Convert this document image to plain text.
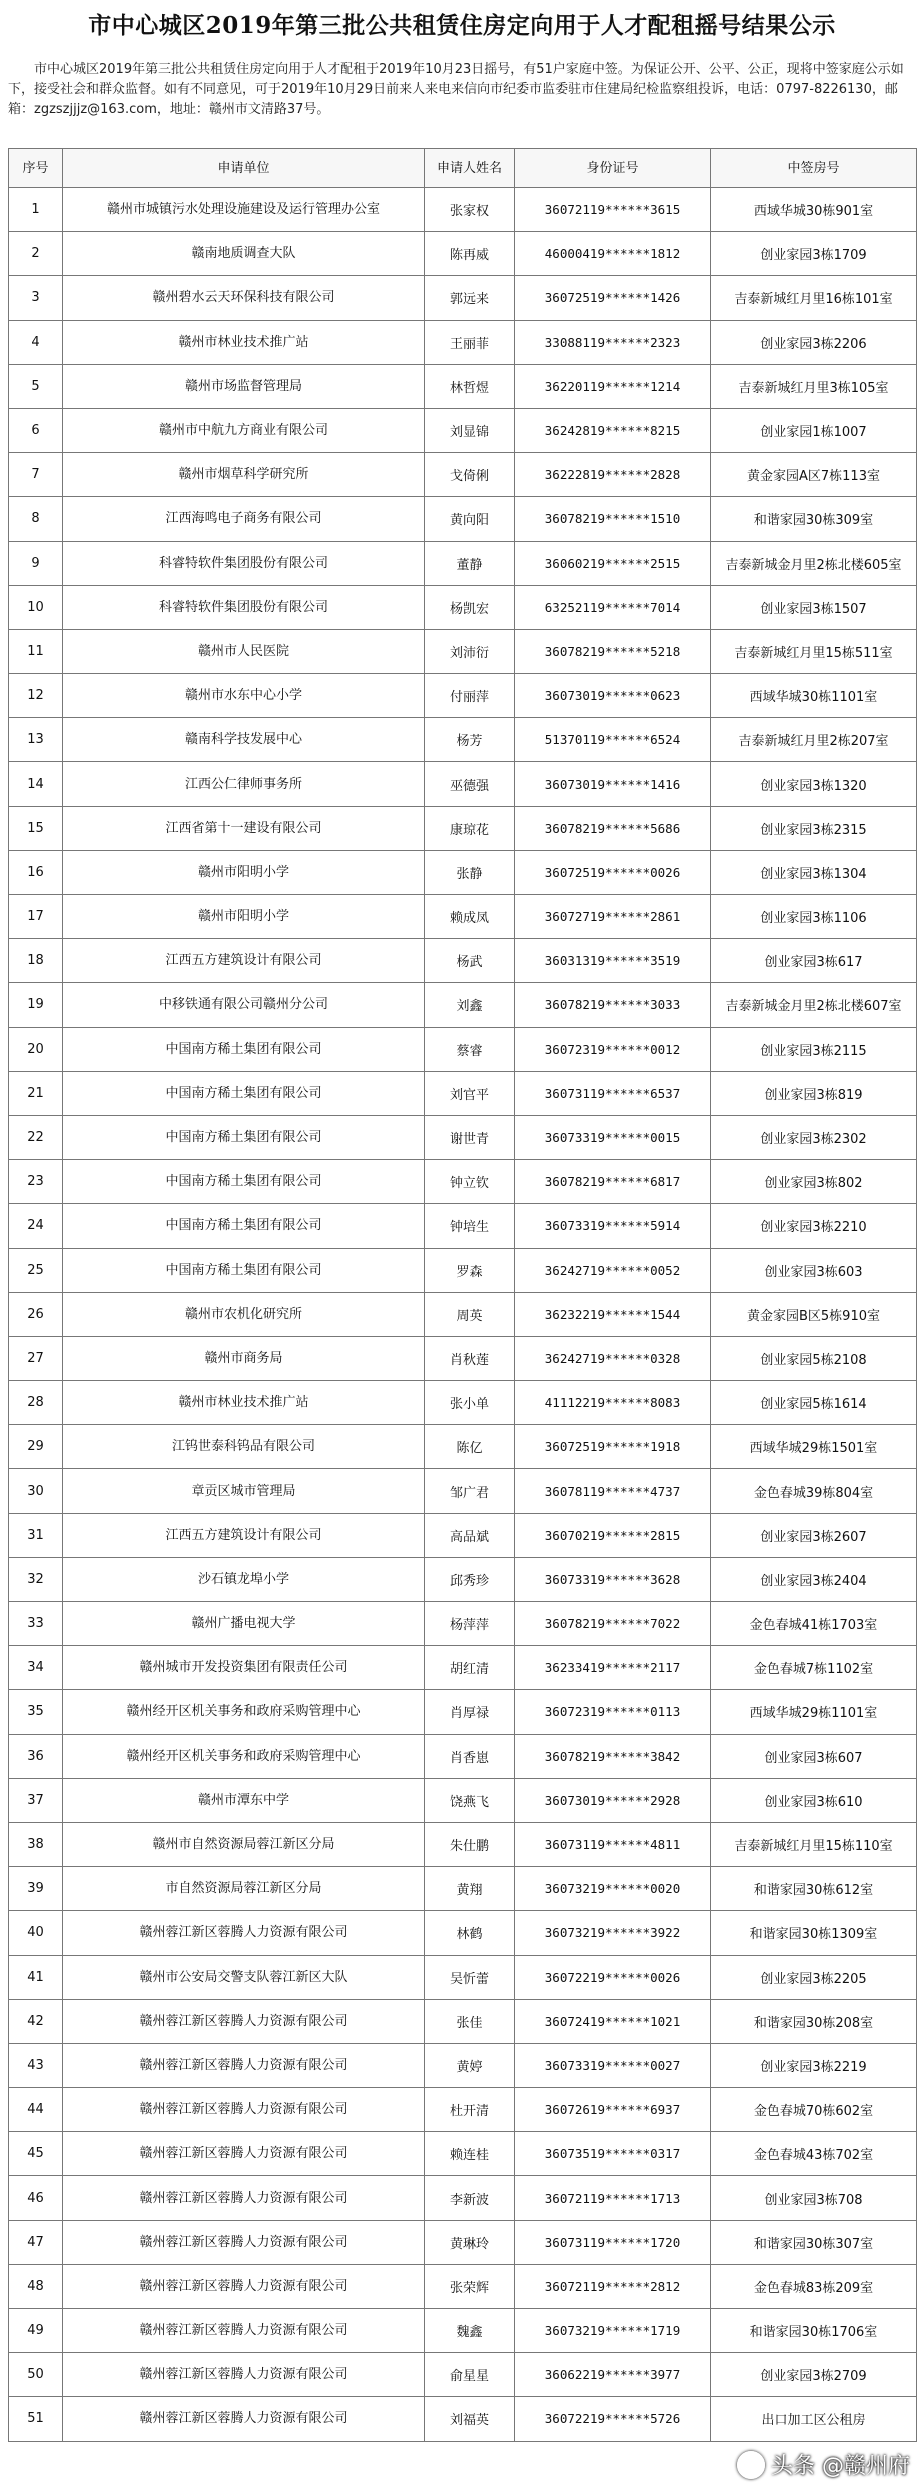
市中心城区2019年第三批公共租赁住房定向用于人才配租摇号结果公示
市中心城区2019年第三批公共租赁住房定向用于人才配租于2019年10月23日摇号，有51户家庭中签。为保证公开、公平、公正，现将中签家庭公示如下，接受社会和群众监督。如有不同意见，可于2019年10月29日前来人来电来信向市纪委市监委驻市住建局纪检监察组投诉，电话：0797-8226130，邮箱：zgzszjjjz@163.com，地址：赣州市文清路37号。
序号	申请单位	申请人姓名	身份证号	中签房号
1	赣州市城镇污水处理设施建设及运行管理办公室	张家权	36072119******3615	西域华城30栋901室
2	赣南地质调查大队	陈再威	46000419******1812	创业家园3栋1709
3	赣州碧水云天环保科技有限公司	郭远来	36072519******1426	吉泰新城红月里16栋101室
4	赣州市林业技术推广站	王丽菲	33088119******2323	创业家园3栋2206
5	赣州市场监督管理局	林哲煜	36220119******1214	吉泰新城红月里3栋105室
6	赣州市中航九方商业有限公司	刘显锦	36242819******8215	创业家园1栋1007
7	赣州市烟草科学研究所	戈倚俐	36222819******2828	黄金家园A区7栋113室
8	江西海鸣电子商务有限公司	黄向阳	36078219******1510	和谐家园30栋309室
9	科睿特软件集团股份有限公司	董静	36060219******2515	吉泰新城金月里2栋北楼605室
10	科睿特软件集团股份有限公司	杨凯宏	63252119******7014	创业家园3栋1507
11	赣州市人民医院	刘沛衍	36078219******5218	吉泰新城红月里15栋511室
12	赣州市水东中心小学	付丽萍	36073019******0623	西域华城30栋1101室
13	赣南科学技发展中心	杨芳	51370119******6524	吉泰新城红月里2栋207室
14	江西公仁律师事务所	巫德强	36073019******1416	创业家园3栋1320
15	江西省第十一建设有限公司	康琼花	36078219******5686	创业家园3栋2315
16	赣州市阳明小学	张静	36072519******0026	创业家园3栋1304
17	赣州市阳明小学	赖成凤	36072719******2861	创业家园3栋1106
18	江西五方建筑设计有限公司	杨武	36031319******3519	创业家园3栋617
19	中移铁通有限公司赣州分公司	刘鑫	36078219******3033	吉泰新城金月里2栋北楼607室
20	中国南方稀土集团有限公司	蔡睿	36072319******0012	创业家园3栋2115
21	中国南方稀土集团有限公司	刘官平	36073119******6537	创业家园3栋819
22	中国南方稀土集团有限公司	谢世青	36073319******0015	创业家园3栋2302
23	中国南方稀土集团有限公司	钟立钦	36078219******6817	创业家园3栋802
24	中国南方稀土集团有限公司	钟培生	36073319******5914	创业家园3栋2210
25	中国南方稀土集团有限公司	罗森	36242719******0052	创业家园3栋603
26	赣州市农机化研究所	周英	36232219******1544	黄金家园B区5栋910室
27	赣州市商务局	肖秋莲	36242719******0328	创业家园5栋2108
28	赣州市林业技术推广站	张小单	41112219******8083	创业家园5栋1614
29	江钨世泰科钨品有限公司	陈亿	36072519******1918	西域华城29栋1501室
30	章贡区城市管理局	邹广君	36078119******4737	金色春城39栋804室
31	江西五方建筑设计有限公司	高品斌	36070219******2815	创业家园3栋2607
32	沙石镇龙埠小学	邱秀珍	36073319******3628	创业家园3栋2404
33	赣州广播电视大学	杨萍萍	36078219******7022	金色春城41栋1703室
34	赣州城市开发投资集团有限责任公司	胡红清	36233419******2117	金色春城7栋1102室
35	赣州经开区机关事务和政府采购管理中心	肖厚禄	36072319******0113	西域华城29栋1101室
36	赣州经开区机关事务和政府采购管理中心	肖香崽	36078219******3842	创业家园3栋607
37	赣州市潭东中学	饶燕飞	36073019******2928	创业家园3栋610
38	赣州市自然资源局蓉江新区分局	朱仕鹏	36073119******4811	吉泰新城红月里15栋110室
39	市自然资源局蓉江新区分局	黄翔	36073219******0020	和谐家园30栋612室
40	赣州蓉江新区蓉腾人力资源有限公司	林鹤	36073219******3922	和谐家园30栋1309室
41	赣州市公安局交警支队蓉江新区大队	吴忻蕾	36072219******0026	创业家园3栋2205
42	赣州蓉江新区蓉腾人力资源有限公司	张佳	36072419******1021	和谐家园30栋208室
43	赣州蓉江新区蓉腾人力资源有限公司	黄婷	36073319******0027	创业家园3栋2219
44	赣州蓉江新区蓉腾人力资源有限公司	杜开清	36072619******6937	金色春城70栋602室
45	赣州蓉江新区蓉腾人力资源有限公司	赖连桂	36073519******0317	金色春城43栋702室
46	赣州蓉江新区蓉腾人力资源有限公司	李新波	36072119******1713	创业家园3栋708
47	赣州蓉江新区蓉腾人力资源有限公司	黄琳玲	36073119******1720	和谐家园30栋307室
48	赣州蓉江新区蓉腾人力资源有限公司	张荣辉	36072119******2812	金色春城83栋209室
49	赣州蓉江新区蓉腾人力资源有限公司	魏鑫	36073219******1719	和谐家园30栋1706室
50	赣州蓉江新区蓉腾人力资源有限公司	俞星星	36062219******3977	创业家园3栋2709
51	赣州蓉江新区蓉腾人力资源有限公司	刘福英	36072219******5726	出口加工区公租房
头条 @赣州府
